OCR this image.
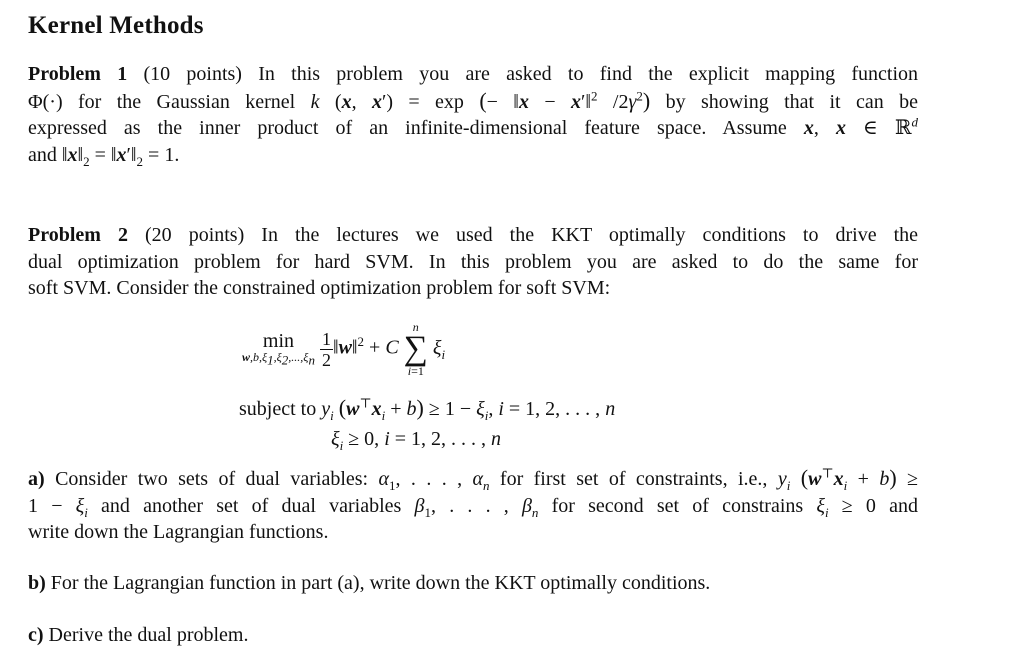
Kernel Methods
Problem 1 (10 points) In this problem you are asked to find the explicit mapping function
Φ(·) for the Gaussian kernel k (x, x′) = exp (− ‖x − x′‖$^2$ $/2\gamma^2$) by showing that it can be
expressed as the inner product of an infinite-dimensional feature space. Assume x, x ∈ ℝ$^d$
and $‖x‖_2$ = $‖x'‖_2 = 1$.
Problem 2 (20 points) In the lectures we used the KKT optimally conditions to drive the
dual optimization problem for hard SVM. In this problem you are asked to do the same for
soft SVM. Consider the constrained optimization problem for soft SVM:
min
$w,b,\xi_1,\xi_2,...,\xi_n$
$\frac{1}{2}$ ‖w‖$^2$ + C
n
∑
i=1
$\xi_i$
subject to $y_i$ $(w^⊤x_i + b) \ge 1 - \xi_i$, i = 1, 2, . . . , n
$\xi_i \ge 0$, i = 1, 2, . . . , n
a) Consider two sets of dual variables: $\alpha_1$, . . . , $\alpha_n$ for first set of constraints, i.e., $y_i$ $(w^⊤x_i + b)$ ≥
$1 - \xi_i$ and another set of dual variables $\beta_1$, . . . , $\beta_n$ for second set of constrains $\xi_i \ge 0$ and
write down the Lagrangian functions.
b) For the Lagrangian function in part (a), write down the KKT optimally conditions.
c) Derive the dual problem.
